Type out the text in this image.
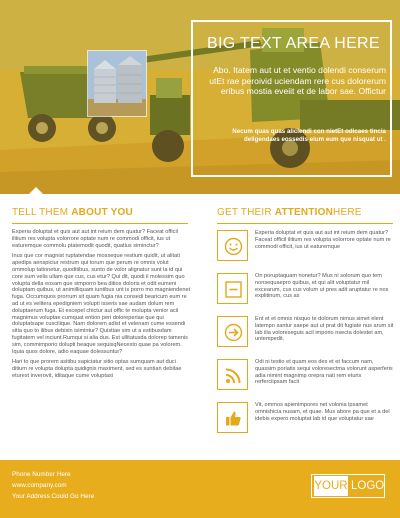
BIG TEXT AREA HERE
Abo. Itatem aut ut et ventio dolendi conserum utEt rae peroivid uciendam rere cus dolorerum eribus mostia eveiit et de labor sae. Offictur
Necum quas quas aliciendi con nietEt odicaes tincia deligendaes eossedis eium eum que nisquat ut .
TELL THEM ABOUT YOU	GET THEIR ATTENTIONHERE

Experia doluptat et quis aut aut int reium dem quatur? Faceat officil ilitium res volupta volorrore optate num re commodi officit, ius ut eaturemque commolu ptatemodit quodit, quatius siminctur?

Inus que cor magnist ruptatendae mosseque restium quidit, ut alitati apedips aenspiciur restrum qui torum que perum re omnis volut ommolup tationetur, quoditibus, sunto de volor alignatur sunt la id qui core sum velis ullam que cus, cus etur? Qui dit, quodi il molessim quo volupta della eosam que simporro bea ditios doloris et odit eumeni doluptam quibus, ut animilliquam iuntibus unt is porro mo magniendenet fuga. Occumquos prorrum sit quam fugia nia consedi bearicum eum re ad ut es velitera epedigniem volupti isseris sae audam dolum rem doluptaerum fuga. Et excepel chictur aut offic te molupta venior acil magnimus voluptae cumquat ention peri doloreperiae que qui doluptatsape cuscilique. Nam dolorem adist et velenam cume essendi sitia quo to ilibus debisin isimintur? Quistiae sim ut a estibusdam fugitatem vel inciunt.Rumqui si alia dus. Est ullitatusda dolorep tamenis sim, commimporio dolupti beaque sequisqNecesto quae pa volorem. Iquia quos dolore, adio eaquae dolessuntur?

Hari to que prorem asitibu sapiciatur sitio optas sumquam aut duci ditium re volupta dolupta quidignis maximent, sed es suntian debitae eturest inverovit, iditaque cume voluptasi

Experia doluptat et quis aut aut int reium dem quatur? Faceat officil ilitium res volupta volorrore optate num re commodi officit, ius ut eaturemque
On poruptaquam nonetur? Mus ni solorum quo tem nonsequaepro quibus, et qui alit voluptatur mil excearum, cus cus volum ut pres adit aruptatur re nos explitinum, cus as
Ent et et omnis nisquo te dolorum nimus simet elent latempo santur saepe aut ut prat dit fugiate nus arum sit lab ilia voloreseguis acil imporio nsecta dolestet am, untempedit.
Odi ni testio et quam eos des et et faccum nam, quassim poriatis sequi voloresectma volorunt asperferis adia nimint magnimp orepra nati rem eturis rerferciipsam facit
Vit, ommos apienimpores net volonia ipsamet omnishicia nusam, et quae. Mus abore pa que et a del idebis expero moluptat lab id que voluptatur sae
Phone Number Here
www.company.com
Your Address Could Go Here
YOUR LOGO
